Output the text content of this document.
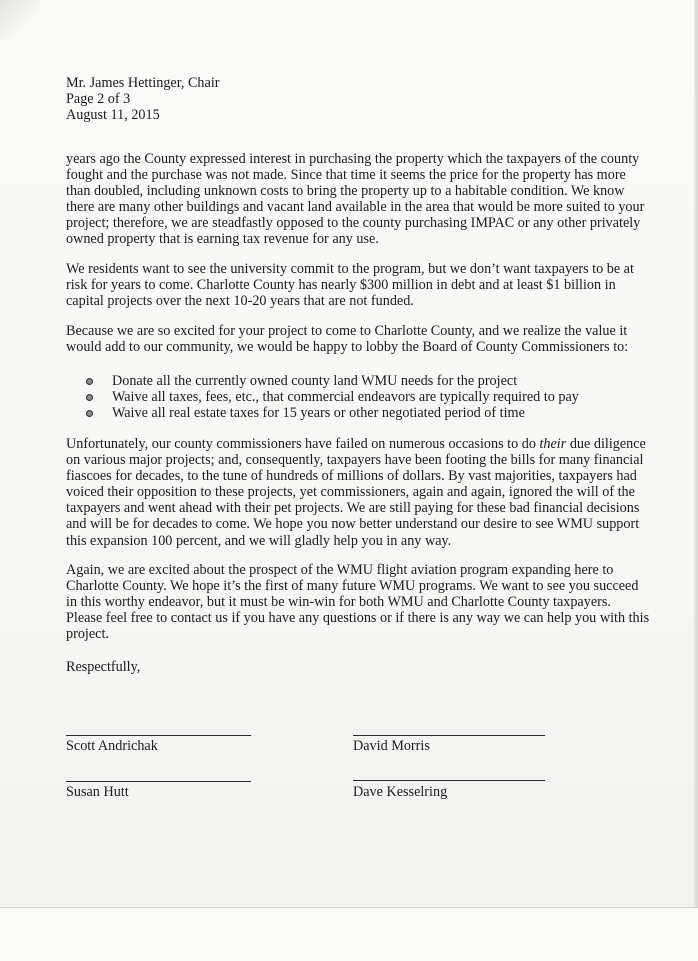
Mr. James Hettinger, Chair
Page 2 of 3
August 11, 2015

years ago the County expressed interest in purchasing the property which the taxpayers of the county

fought and the purchase was not made. Since that time it seems the price for the property has more

than doubled, including unknown costs to bring the property up to a habitable condition. We know

there are many other buildings and vacant land available in the area that would be more suited to your

project; therefore, we are steadfastly opposed to the county purchasing IMPAC or any other privately

owned property that is earning tax revenue for any use.

We residents want to see the university commit to the program, but we don’t want taxpayers to be at

risk for years to come. Charlotte County has nearly $300 million in debt and at least $1 billion in

capital projects over the next 10-20 years that are not funded.

Because we are so excited for your project to come to Charlotte County, and we realize the value it

would add to our community, we would be happy to lobby the Board of County Commissioners to:

Donate all the currently owned county land WMU needs for the project
Waive all taxes, fees, etc., that commercial endeavors are typically required to pay
Waive all real estate taxes for 15 years or other negotiated period of time

Unfortunately, our county commissioners have failed on numerous occasions to do their due diligence

on various major projects; and, consequently, taxpayers have been footing the bills for many financial

fiascoes for decades, to the tune of hundreds of millions of dollars. By vast majorities, taxpayers had

voiced their opposition to these projects, yet commissioners, again and again, ignored the will of the

taxpayers and went ahead with their pet projects. We are still paying for these bad financial decisions

and will be for decades to come. We hope you now better understand our desire to see WMU support

this expansion 100 percent, and we will gladly help you in any way.

Again, we are excited about the prospect of the WMU flight aviation program expanding here to

Charlotte County. We hope it’s the first of many future WMU programs. We want to see you succeed

in this worthy endeavor, but it must be win-win for both WMU and Charlotte County taxpayers.

Please feel free to contact us if you have any questions or if there is any way we can help you with this

project.

Respectfully,
Scott Andrichak	David Morris
Susan Hutt	Dave Kesselring
